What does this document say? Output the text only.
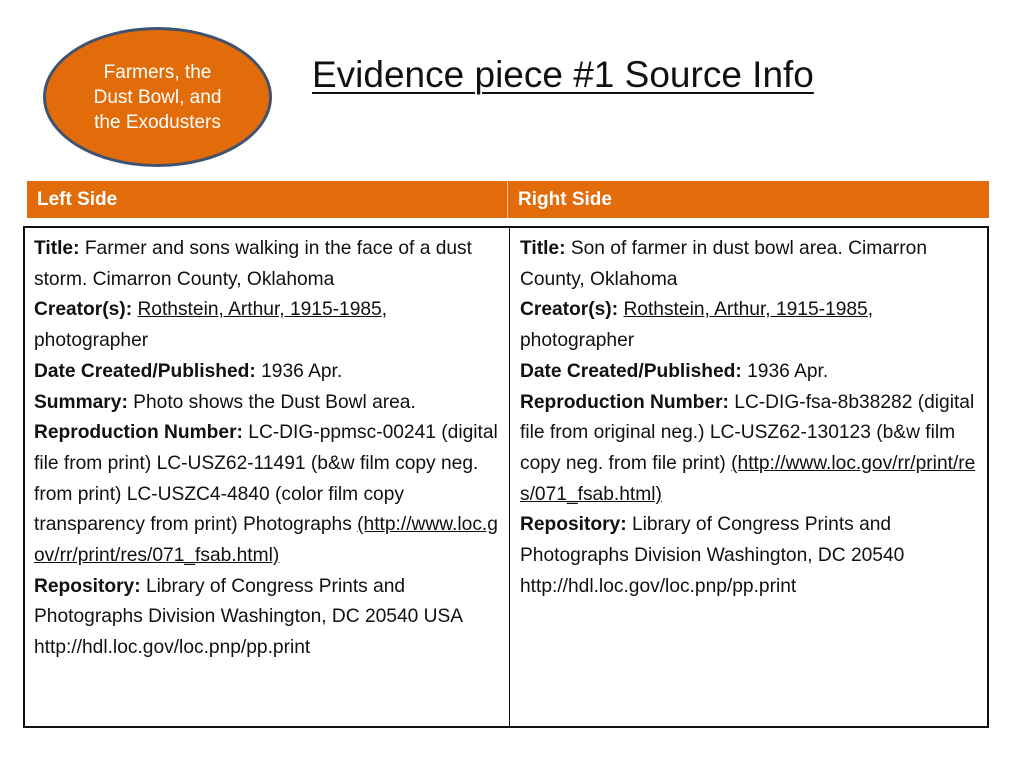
Farmers, the Dust Bowl, and the Exodusters
Evidence piece #1 Source Info
Left Side	Right Side
Title: Farmer and sons walking in the face of a dust storm. Cimarron County, Oklahoma
Creator(s): Rothstein, Arthur, 1915-1985, photographer
Date Created/Published: 1936 Apr.
Summary: Photo shows the Dust Bowl area.
Reproduction Number: LC-DIG-ppmsc-00241 (digital file from print) LC-USZ62-11491 (b&w film copy neg. from print) LC-USZC4-4840 (color film copy transparency from print) Photographs (http://www.loc.gov/rr/print/res/071_fsab.html)
Repository: Library of Congress Prints and Photographs Division Washington, DC 20540 USA http://hdl.loc.gov/loc.pnp/pp.print
Title: Son of farmer in dust bowl area. Cimarron County, Oklahoma
Creator(s): Rothstein, Arthur, 1915-1985, photographer
Date Created/Published: 1936 Apr.
Reproduction Number: LC-DIG-fsa-8b38282 (digital file from original neg.) LC-USZ62-130123 (b&w film copy neg. from file print) (http://www.loc.gov/rr/print/res/071_fsab.html)
Repository: Library of Congress Prints and Photographs Division Washington, DC 20540 http://hdl.loc.gov/loc.pnp/pp.print
